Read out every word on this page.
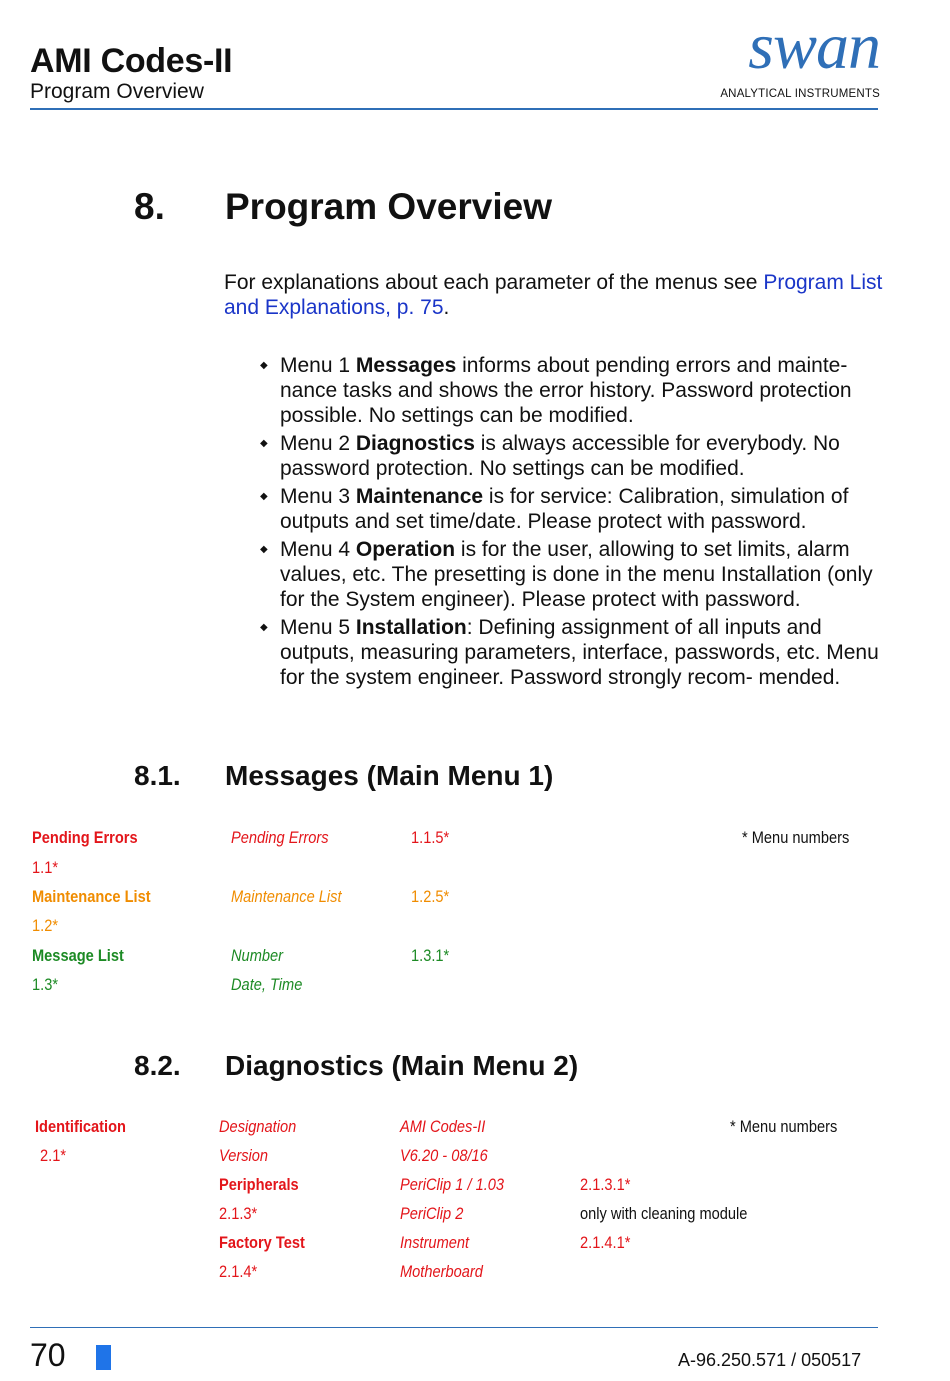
AMI Codes-II
Program Overview
swan
ANALYTICAL INSTRUMENTS
8. Program Overview
For explanations about each parameter of the menus see Program List and Explanations, p. 75.
◆ Menu 1 Messages informs about pending errors and mainte- nance tasks and shows the error history. Password protection possible. No settings can be modified.
◆ Menu 2 Diagnostics is always accessible for everybody. No password protection. No settings can be modified.
◆ Menu 3 Maintenance is for service: Calibration, simulation of outputs and set time/date. Please protect with password.
◆ Menu 4 Operation is for the user, allowing to set limits, alarm values, etc. The presetting is done in the menu Installation (only for the System engineer). Please protect with password.
◆ Menu 5 Installation: Defining assignment of all inputs and outputs, measuring parameters, interface, passwords, etc. Menu for the system engineer. Password strongly recom- mended.
8.1. Messages (Main Menu 1)
Pending Errors
1.1*
Maintenance List
1.2*
Message List
1.3*
Pending Errors
Maintenance List
Number
Date, Time
1.1.5*
1.2.5*
1.3.1*
* Menu numbers
8.2. Diagnostics (Main Menu 2)
Identification
2.1*
Designation
Version
Peripherals
2.1.3*
Factory Test
2.1.4*
AMI Codes-II
V6.20 - 08/16
PeriClip 1 / 1.03
PeriClip 2
Instrument
Motherboard
2.1.3.1*
only with cleaning module
2.1.4.1*
* Menu numbers
70	A-96.250.571 / 050517
